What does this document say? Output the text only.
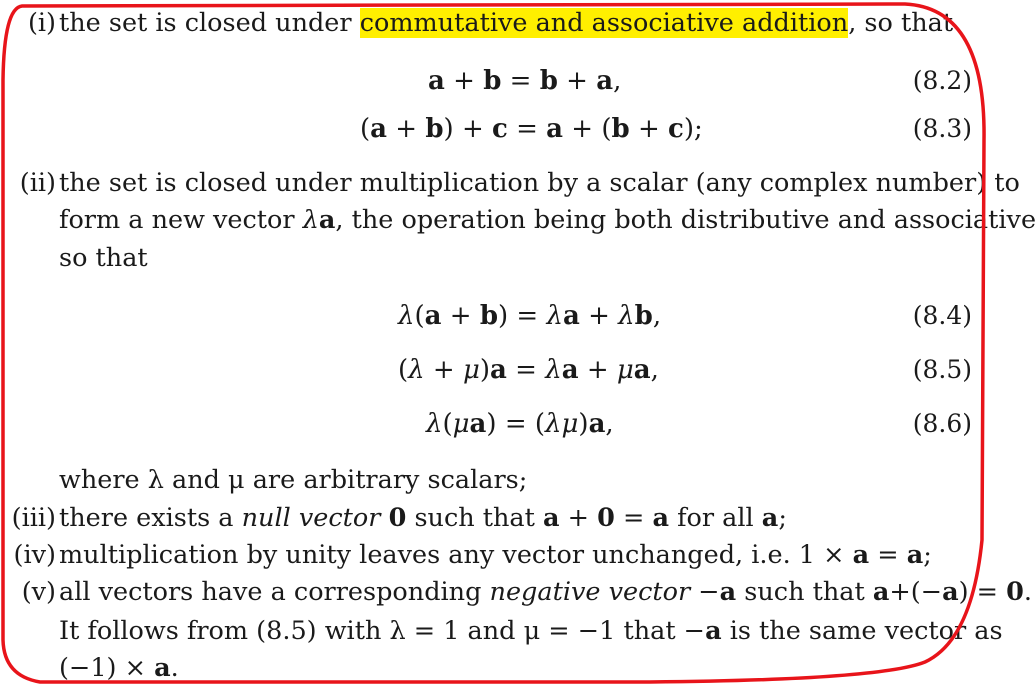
(i) the set is closed under commutative and associative addition, so that
a + b = b + a,	(8.2)
(a + b) + c = a + (b + c);	(8.3)
(ii) the set is closed under multiplication by a scalar (any complex number) to
form a new vector λa, the operation being both distributive and associative
so that
λ(a + b) = λa + λb,	(8.4)
(λ + μ)a = λa + μa,	(8.5)
λ(μa) = (λμ)a,	(8.6)
where λ and μ are arbitrary scalars;
(iii) there exists a null vector 0 such that a + 0 = a for all a;
(iv) multiplication by unity leaves any vector unchanged, i.e. 1 × a = a;
(v) all vectors have a corresponding negative vector −a such that a+(−a) = 0.
It follows from (8.5) with λ = 1 and μ = −1 that −a is the same vector as
(−1) × a.
